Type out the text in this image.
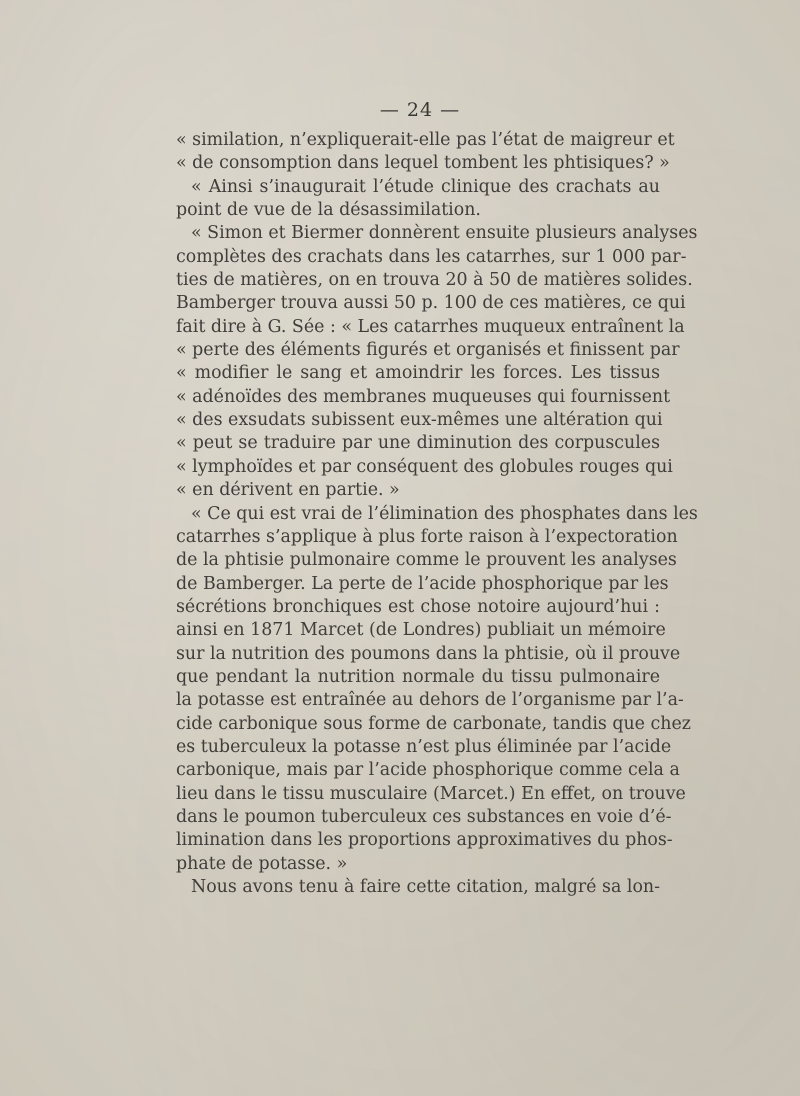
— 24 —
« similation, n’expliquerait-elle pas l’état de maigreur et
« de consomption dans lequel tombent les phtisiques? »
« Ainsi s’inaugurait l’étude clinique des crachats au
point de vue de la désassimilation.
« Simon et Biermer donnèrent ensuite plusieurs analyses
complètes des crachats dans les catarrhes, sur 1 000 par-
ties de matières, on en trouva 20 à 50 de matières solides.
Bamberger trouva aussi 50 p. 100 de ces matières, ce qui
fait dire à G. Sée : « Les catarrhes muqueux entraînent la
« perte des éléments figurés et organisés et finissent par
« modifier le sang et amoindrir les forces. Les tissus
« adénoïdes des membranes muqueuses qui fournissent
« des exsudats subissent eux-mêmes une altération qui
« peut se traduire par une diminution des corpuscules
« lymphoïdes et par conséquent des globules rouges qui
« en dérivent en partie. »
« Ce qui est vrai de l’élimination des phosphates dans les
catarrhes s’applique à plus forte raison à l’expectoration
de la phtisie pulmonaire comme le prouvent les analyses
de Bamberger. La perte de l’acide phosphorique par les
sécrétions bronchiques est chose notoire aujourd’hui :
ainsi en 1871 Marcet (de Londres) publiait un mémoire
sur la nutrition des poumons dans la phtisie, où il prouve
que pendant la nutrition normale du tissu pulmonaire
la potasse est entraînée au dehors de l’organisme par l’a-
cide carbonique sous forme de carbonate, tandis que chez
es tuberculeux la potasse n’est plus éliminée par l’acide
carbonique, mais par l’acide phosphorique comme cela a
lieu dans le tissu musculaire (Marcet.) En effet, on trouve
dans le poumon tuberculeux ces substances en voie d’é-
limination dans les proportions approximatives du phos-
phate de potasse. »
Nous avons tenu à faire cette citation, malgré sa lon-
